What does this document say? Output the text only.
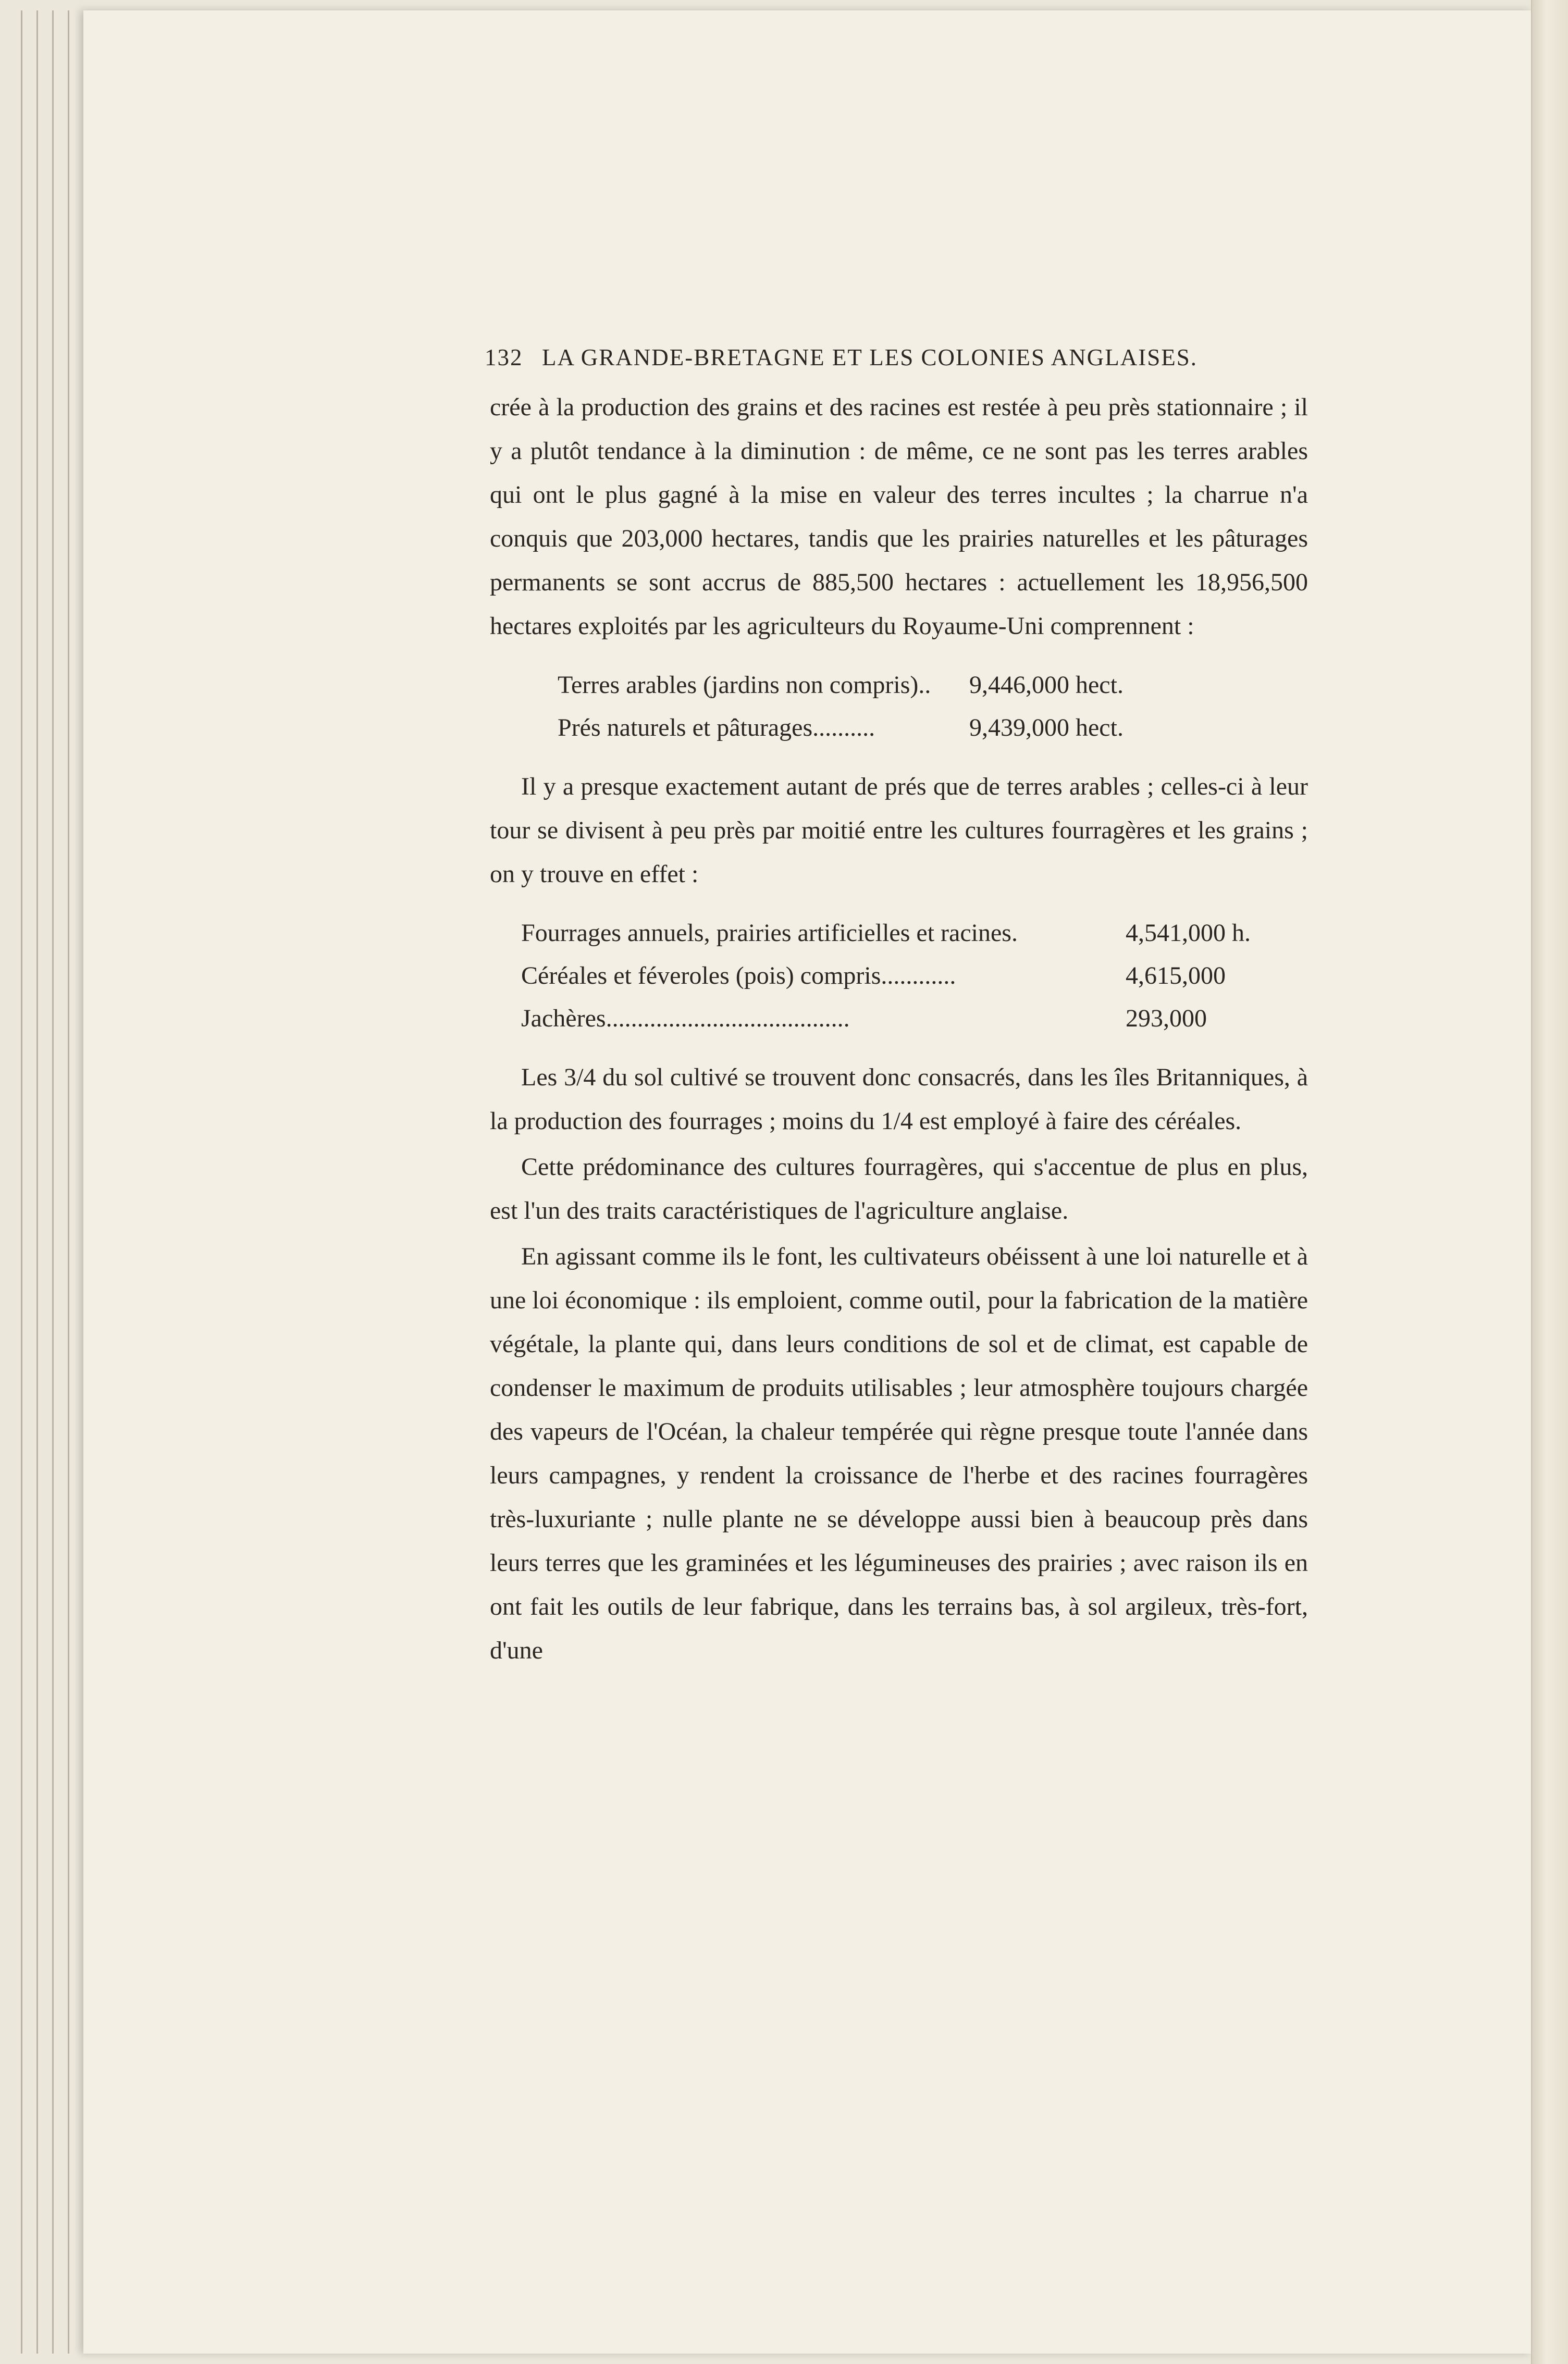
132 LA GRANDE-BRETAGNE ET LES COLONIES ANGLAISES.

crée à la production des grains et des racines est restée à peu près stationnaire ; il y a plutôt tendance à la diminution : de même, ce ne sont pas les terres arables qui ont le plus gagné à la mise en valeur des terres incultes ; la charrue n'a conquis que 203,000 hectares, tandis que les prairies naturelles et les pâturages permanents se sont accrus de 885,500 hectares : actuellement les 18,956,500 hectares exploités par les agriculteurs du Royaume-Uni comprennent :

Terres arables (jardins non compris)..	9,446,000 hect.
Prés naturels et pâturages..........	9,439,000 hect.

Il y a presque exactement autant de prés que de terres arables ; celles-ci à leur tour se divisent à peu près par moitié entre les cultures fourragères et les grains ; on y trouve en effet :

Fourrages annuels, prairies artificielles et racines.	4,541,000 h.
Céréales et féveroles (pois) compris............	4,615,000
Jachères.......................................	293,000

Les 3/4 du sol cultivé se trouvent donc consacrés, dans les îles Britanniques, à la production des fourrages ; moins du 1/4 est employé à faire des céréales.

Cette prédominance des cultures fourragères, qui s'accentue de plus en plus, est l'un des traits caractéristiques de l'agriculture anglaise.

En agissant comme ils le font, les cultivateurs obéissent à une loi naturelle et à une loi économique : ils emploient, comme outil, pour la fabrication de la matière végétale, la plante qui, dans leurs conditions de sol et de climat, est capable de condenser le maximum de produits utilisables ; leur atmosphère toujours chargée des vapeurs de l'Océan, la chaleur tempérée qui règne presque toute l'année dans leurs campagnes, y rendent la croissance de l'herbe et des racines fourragères très-luxuriante ; nulle plante ne se développe aussi bien à beaucoup près dans leurs terres que les graminées et les légumineuses des prairies ; avec raison ils en ont fait les outils de leur fabrique, dans les terrains bas, à sol argileux, très-fort, d'une
